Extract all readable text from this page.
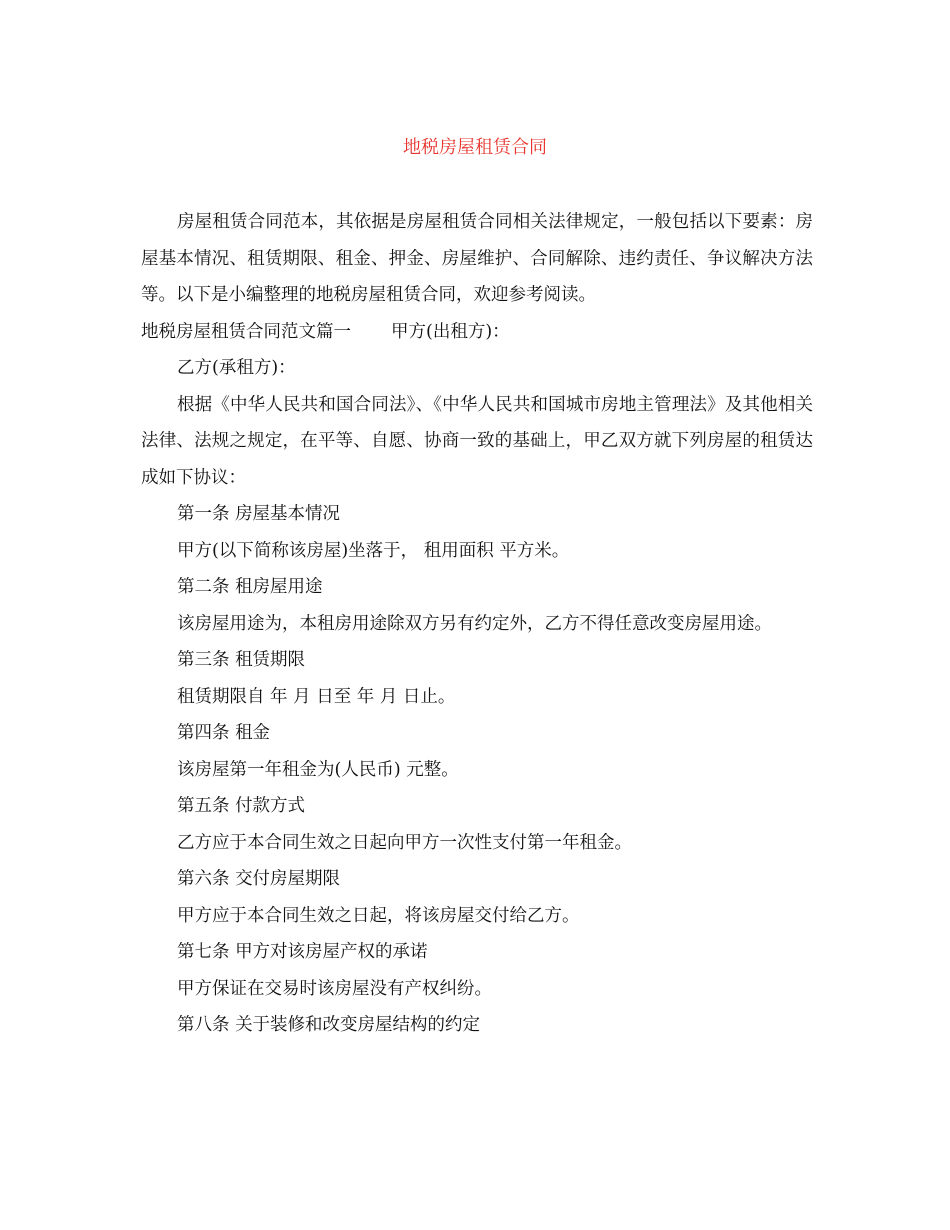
地税房屋租赁合同

房屋租赁合同范本，其依据是房屋租赁合同相关法律规定，一般包括以下要素：房屋基本情况、租赁期限、租金、押金、房屋维护、合同解除、违约责任、争议解决方法等。以下是小编整理的地税房屋租赁合同，欢迎参考阅读。

地税房屋租赁合同范文篇一 甲方(出租方)：

乙方(承租方)：

根据《中华人民共和国合同法》、《中华人民共和国城市房地主管理法》及其他相关法律、法规之规定，在平等、自愿、协商一致的基础上，甲乙双方就下列房屋的租赁达成如下协议：

第一条 房屋基本情况

甲方(以下简称该房屋)坐落于， 租用面积 平方米。

第二条 租房屋用途

该房屋用途为，本租房用途除双方另有约定外，乙方不得任意改变房屋用途。

第三条 租赁期限

租赁期限自 年 月 日至 年 月 日止。

第四条 租金

该房屋第一年租金为(人民币) 元整。

第五条 付款方式

乙方应于本合同生效之日起向甲方一次性支付第一年租金。

第六条 交付房屋期限

甲方应于本合同生效之日起，将该房屋交付给乙方。

第七条 甲方对该房屋产权的承诺

甲方保证在交易时该房屋没有产权纠纷。

第八条 关于装修和改变房屋结构的约定
